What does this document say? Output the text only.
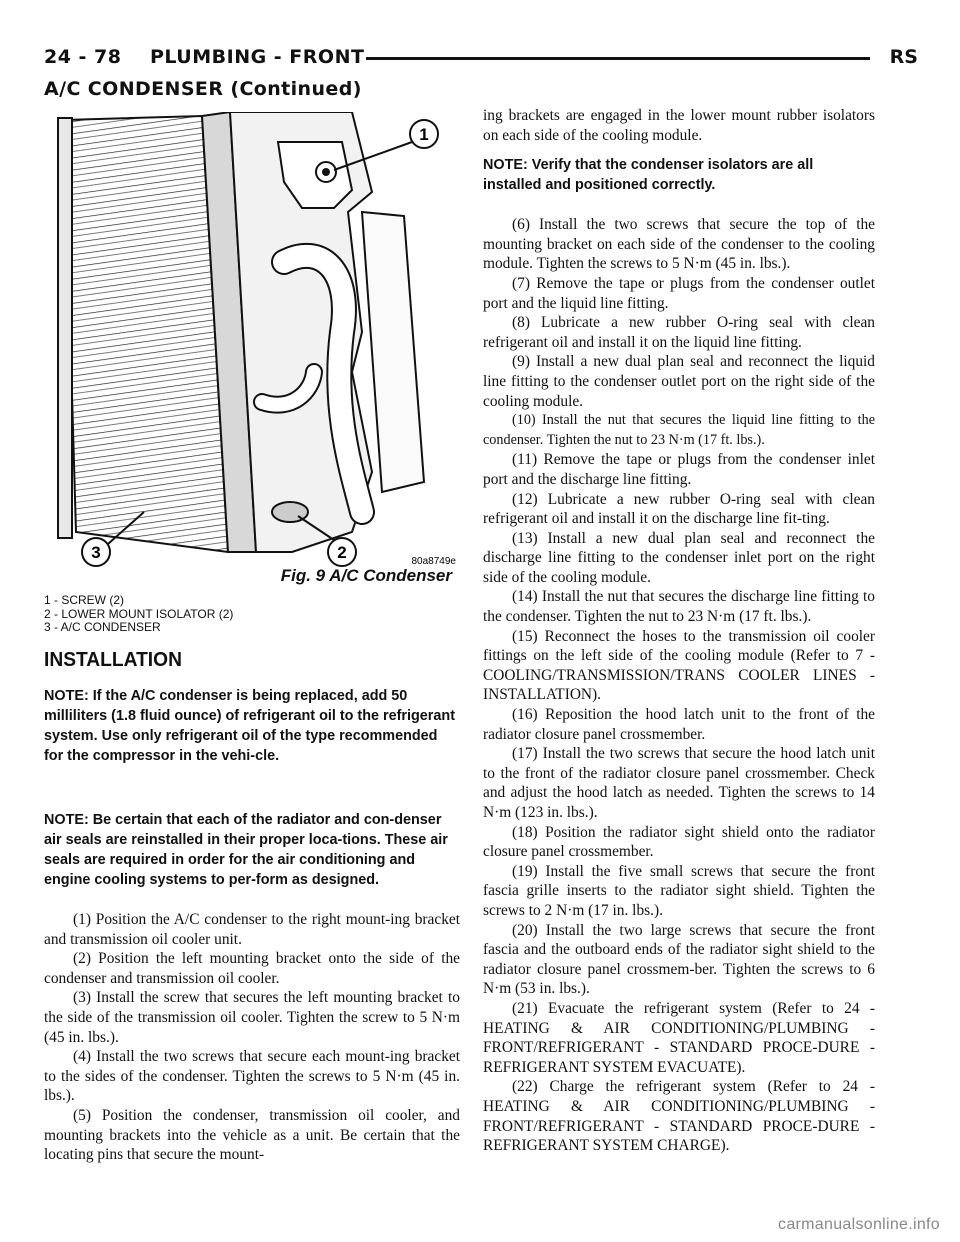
24 - 78    PLUMBING - FRONT	RS
A/C CONDENSER (Continued)
1
2
3	80a8749e
Fig. 9 A/C Condenser
1 - SCREW (2)
2 - LOWER MOUNT ISOLATOR (2)
3 - A/C CONDENSER
INSTALLATION

NOTE: If the A/C condenser is being replaced, add 50 milliliters (1.8 fluid ounce) of refrigerant oil to the refrigerant system. Use only refrigerant oil of the type recommended for the compressor in the vehi-cle.

NOTE: Be certain that each of the radiator and con-denser air seals are reinstalled in their proper loca-tions. These air seals are required in order for the air conditioning and engine cooling systems to per-form as designed.

(1) Position the A/C condenser to the right mount-ing bracket and transmission oil cooler unit.

(2) Position the left mounting bracket onto the side of the condenser and transmission oil cooler.

(3) Install the screw that secures the left mounting bracket to the side of the transmission oil cooler. Tighten the screw to 5 N·m (45 in. lbs.).

(4) Install the two screws that secure each mount-ing bracket to the sides of the condenser. Tighten the screws to 5 N·m (45 in. lbs.).

(5) Position the condenser, transmission oil cooler, and mounting brackets into the vehicle as a unit. Be certain that the locating pins that secure the mount-

ing brackets are engaged in the lower mount rubber isolators on each side of the cooling module.

NOTE: Verify that the condenser isolators are all installed and positioned correctly.

(6) Install the two screws that secure the top of the mounting bracket on each side of the condenser to the cooling module. Tighten the screws to 5 N·m (45 in. lbs.).

(7) Remove the tape or plugs from the condenser outlet port and the liquid line fitting.

(8) Lubricate a new rubber O-ring seal with clean refrigerant oil and install it on the liquid line fitting.

(9) Install a new dual plan seal and reconnect the liquid line fitting to the condenser outlet port on the right side of the cooling module.

(10) Install the nut that secures the liquid line fitting to the condenser. Tighten the nut to 23 N·m (17 ft. lbs.).

(11) Remove the tape or plugs from the condenser inlet port and the discharge line fitting.

(12) Lubricate a new rubber O-ring seal with clean refrigerant oil and install it on the discharge line fit-ting.

(13) Install a new dual plan seal and reconnect the discharge line fitting to the condenser inlet port on the right side of the cooling module.

(14) Install the nut that secures the discharge line fitting to the condenser. Tighten the nut to 23 N·m (17 ft. lbs.).

(15) Reconnect the hoses to the transmission oil cooler fittings on the left side of the cooling module (Refer to 7 - COOLING/TRANSMISSION/TRANS COOLER LINES - INSTALLATION).

(16) Reposition the hood latch unit to the front of the radiator closure panel crossmember.

(17) Install the two screws that secure the hood latch unit to the front of the radiator closure panel crossmember. Check and adjust the hood latch as needed. Tighten the screws to 14 N·m (123 in. lbs.).

(18) Position the radiator sight shield onto the radiator closure panel crossmember.

(19) Install the five small screws that secure the front fascia grille inserts to the radiator sight shield. Tighten the screws to 2 N·m (17 in. lbs.).

(20) Install the two large screws that secure the front fascia and the outboard ends of the radiator sight shield to the radiator closure panel crossmem-ber. Tighten the screws to 6 N·m (53 in. lbs.).

(21) Evacuate the refrigerant system (Refer to 24 - HEATING & AIR CONDITIONING/PLUMBING - FRONT/REFRIGERANT - STANDARD PROCE-DURE - REFRIGERANT SYSTEM EVACUATE).

(22) Charge the refrigerant system (Refer to 24 - HEATING & AIR CONDITIONING/PLUMBING - FRONT/REFRIGERANT - STANDARD PROCE-DURE - REFRIGERANT SYSTEM CHARGE).

carmanualsonline.info
